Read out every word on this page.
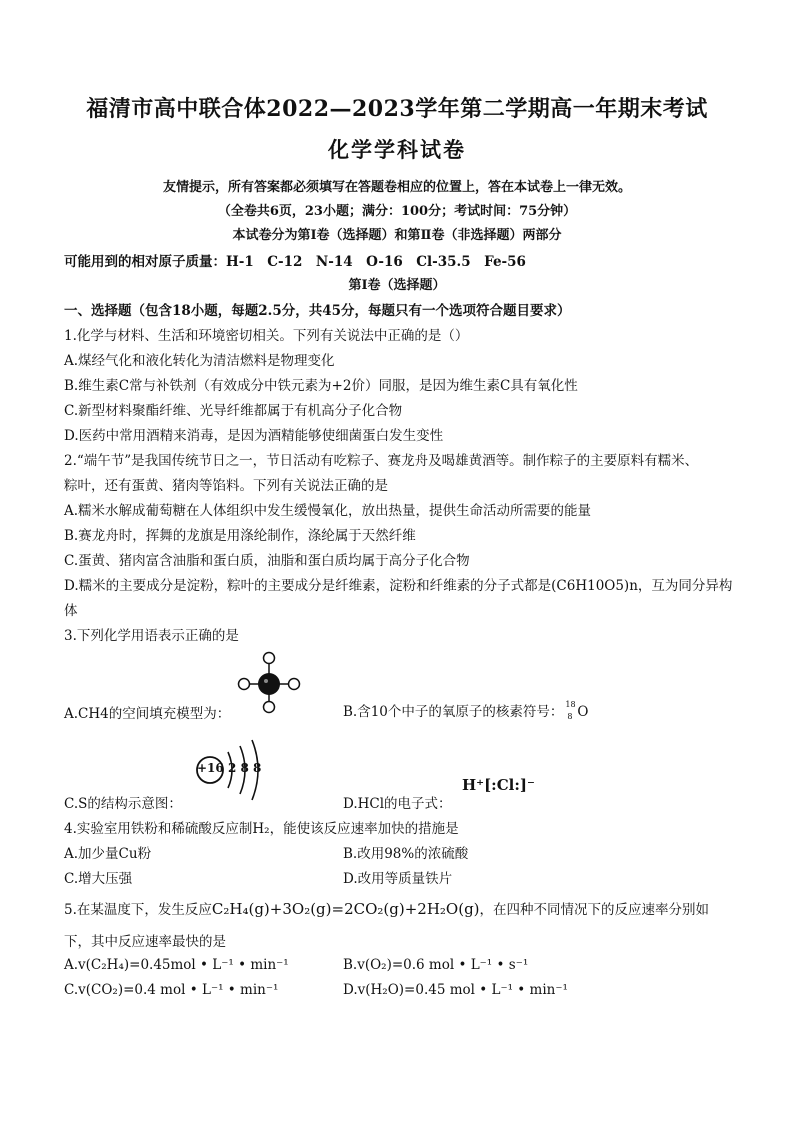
福清市高中联合体2022—2023学年第二学期高一年期末考试
化学学科试卷
友情提示，所有答案都必须填写在答题卷相应的位置上，答在本试卷上一律无效。
（全卷共6页，23小题；满分：100分；考试时间：75分钟）
本试卷分为第Ⅰ卷（选择题）和第Ⅱ卷（非选择题）两部分
可能用到的相对原子质量：H-1　C-12　N-14　O-16　Cl-35.5　Fe-56
第Ⅰ卷（选择题）
一、选择题（包含18小题，每题2.5分，共45分，每题只有一个选项符合题目要求）
1.化学与材料、生活和环境密切相关。下列有关说法中正确的是（）
A.煤经气化和液化转化为清洁燃料是物理变化
B.维生素C常与补铁剂（有效成分中铁元素为+2价）同服，是因为维生素C具有氧化性
C.新型材料聚酯纤维、光导纤维都属于有机高分子化合物
D.医药中常用酒精来消毒，是因为酒精能够使细菌蛋白发生变性
2.“端午节”是我国传统节日之一，节日活动有吃粽子、赛龙舟及喝雄黄酒等。制作粽子的主要原料有糯米、
粽叶，还有蛋黄、猪肉等馅料。下列有关说法正确的是
A.糯米水解成葡萄糖在人体组织中发生缓慢氧化，放出热量，提供生命活动所需要的能量
B.赛龙舟时，挥舞的龙旗是用涤纶制作，涤纶属于天然纤维
C.蛋黄、猪肉富含油脂和蛋白质，油脂和蛋白质均属于高分子化合物
D.糯米的主要成分是淀粉，粽叶的主要成分是纤维素，淀粉和纤维素的分子式都是(C6H10O5)n，互为同分异构
体
3.下列化学用语表示正确的是
A.CH4的空间填充模型为：	B.含10个中子的氧原子的核素符号： 18
8 O
+16 2 8 8
C.S的结构示意图：	D.HCl的电子式：
H⁺[:Cl:]⁻
4.实验室用铁粉和稀硫酸反应制H₂，能使该反应速率加快的措施是
A.加少量Cu粉	B.改用98%的浓硫酸
C.增大压强	D.改用等质量铁片
5.在某温度下，发生反应C₂H₄(g)+3O₂(g)=2CO₂(g)+2H₂O(g)，在四种不同情况下的反应速率分别如
下，其中反应速率最快的是
A.v(C₂H₄)=0.45mol • L⁻¹ • min⁻¹	B.v(O₂)=0.6 mol • L⁻¹ • s⁻¹
C.v(CO₂)=0.4 mol • L⁻¹ • min⁻¹	D.v(H₂O)=0.45 mol • L⁻¹ • min⁻¹
